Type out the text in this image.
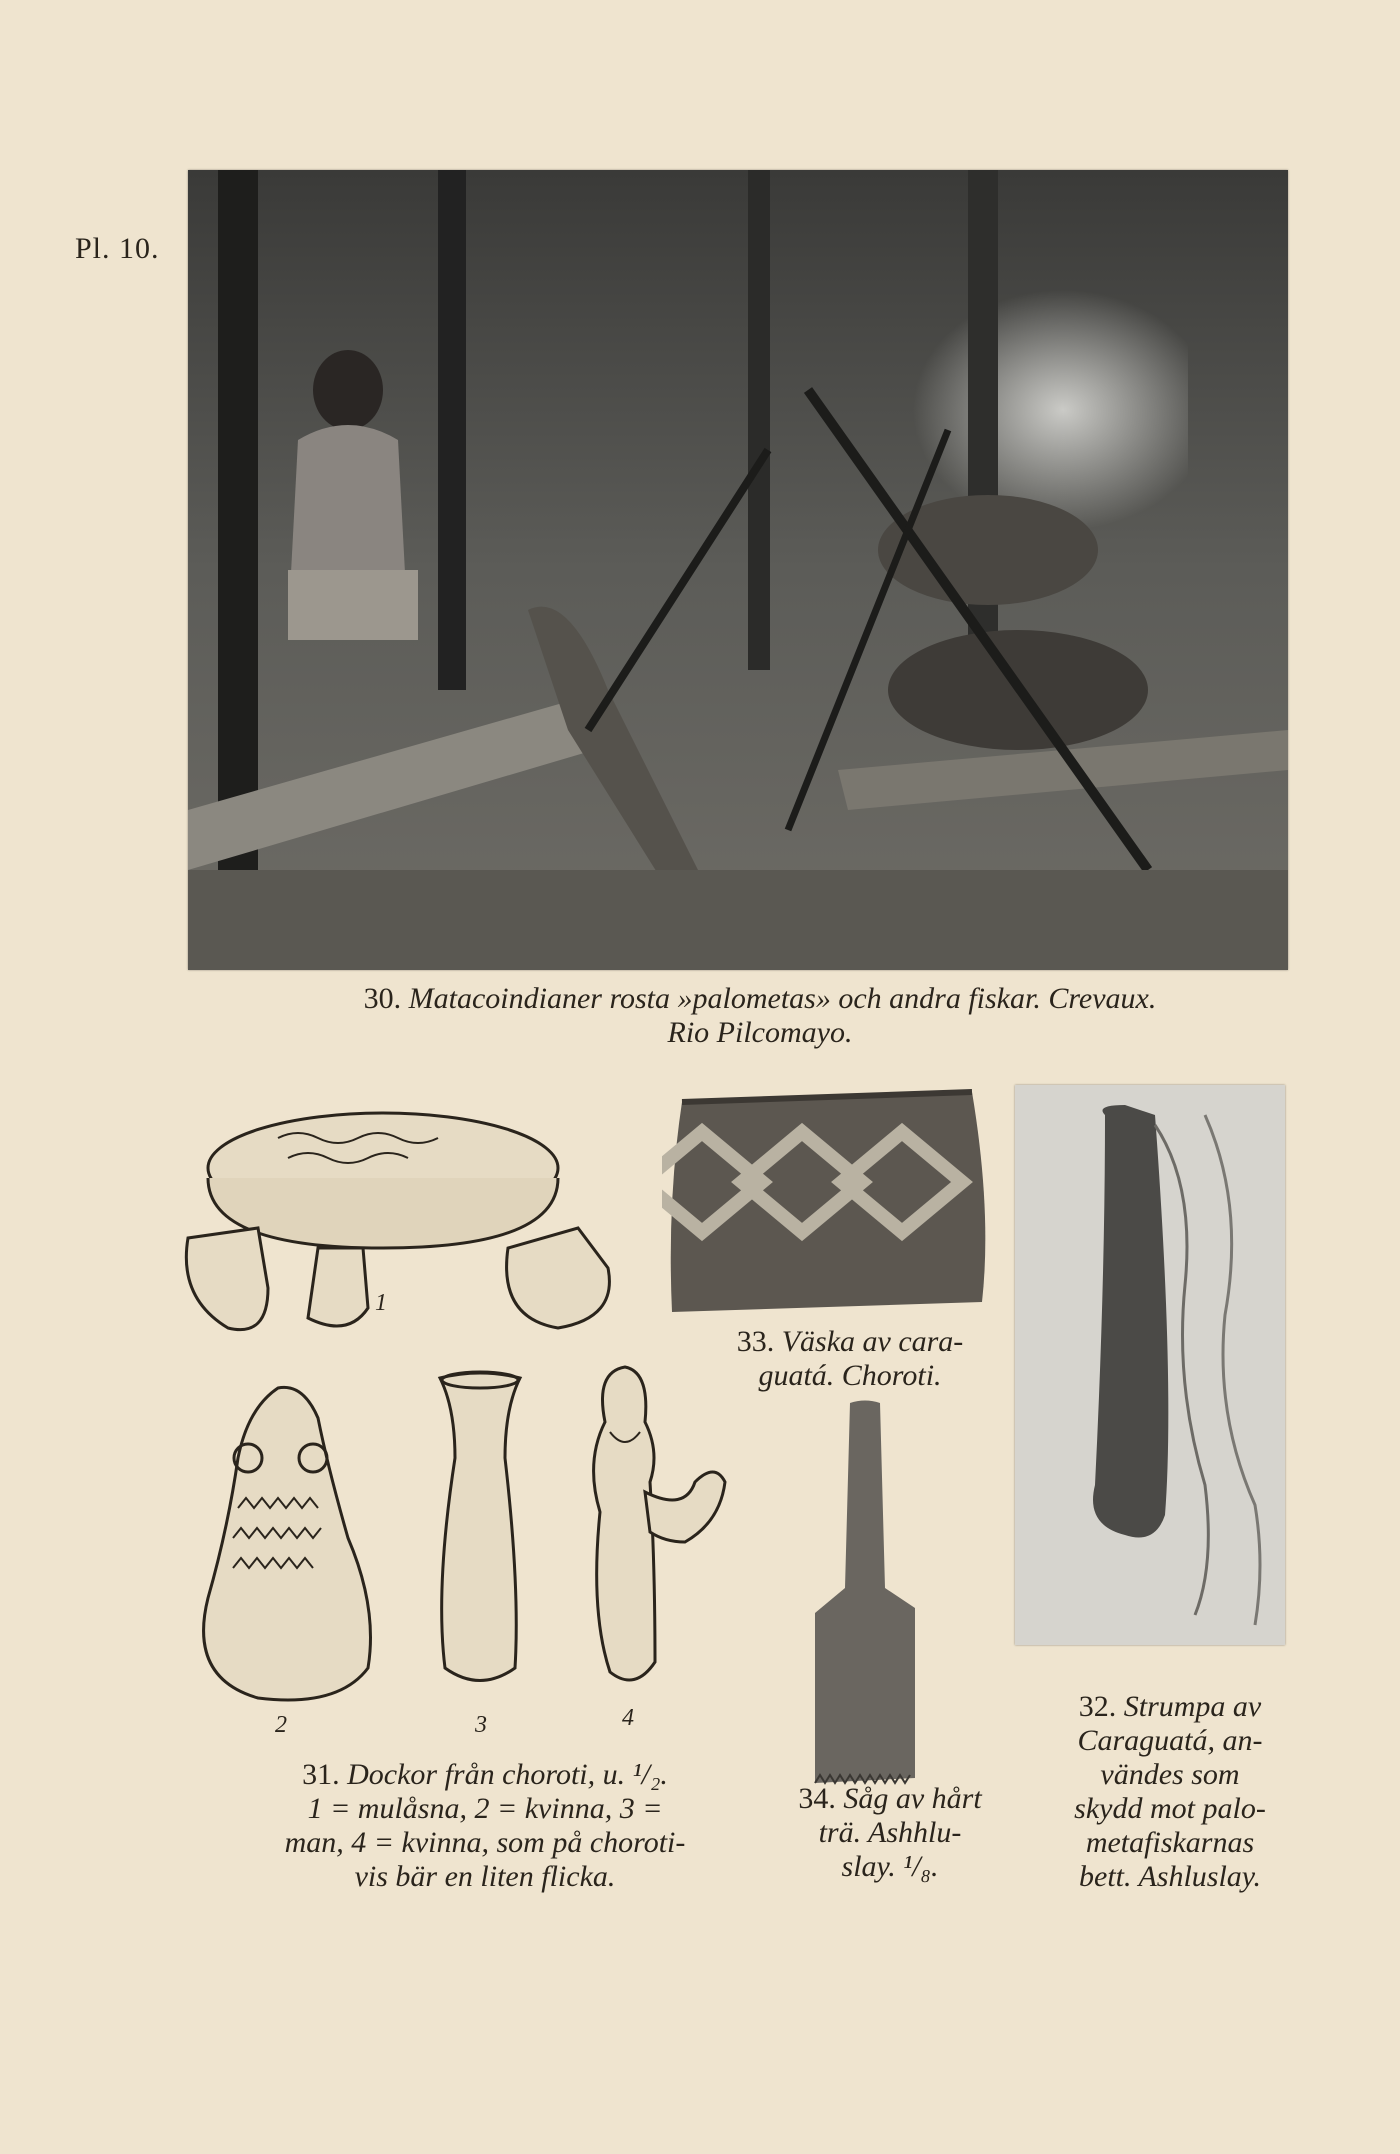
Pl. 10.
30. Matacoindianer rosta »palometas» och andra fiskar. Crevaux.
Rio Pilcomayo.
1
33. Väska av cara-
guatá. Choroti.
2	3	4
31. Dockor från choroti, u. ¹/₂.
1 = mulåsna, 2 = kvinna, 3 =
man, 4 = kvinna, som på choroti-
vis bär en liten flicka.
34. Såg av hårt
trä. Ashhlu-
slay. ¹/₈.
32. Strumpa av
Caraguatá, an-
vändes som
skydd mot palo-
metafiskarnas
bett. Ashluslay.
